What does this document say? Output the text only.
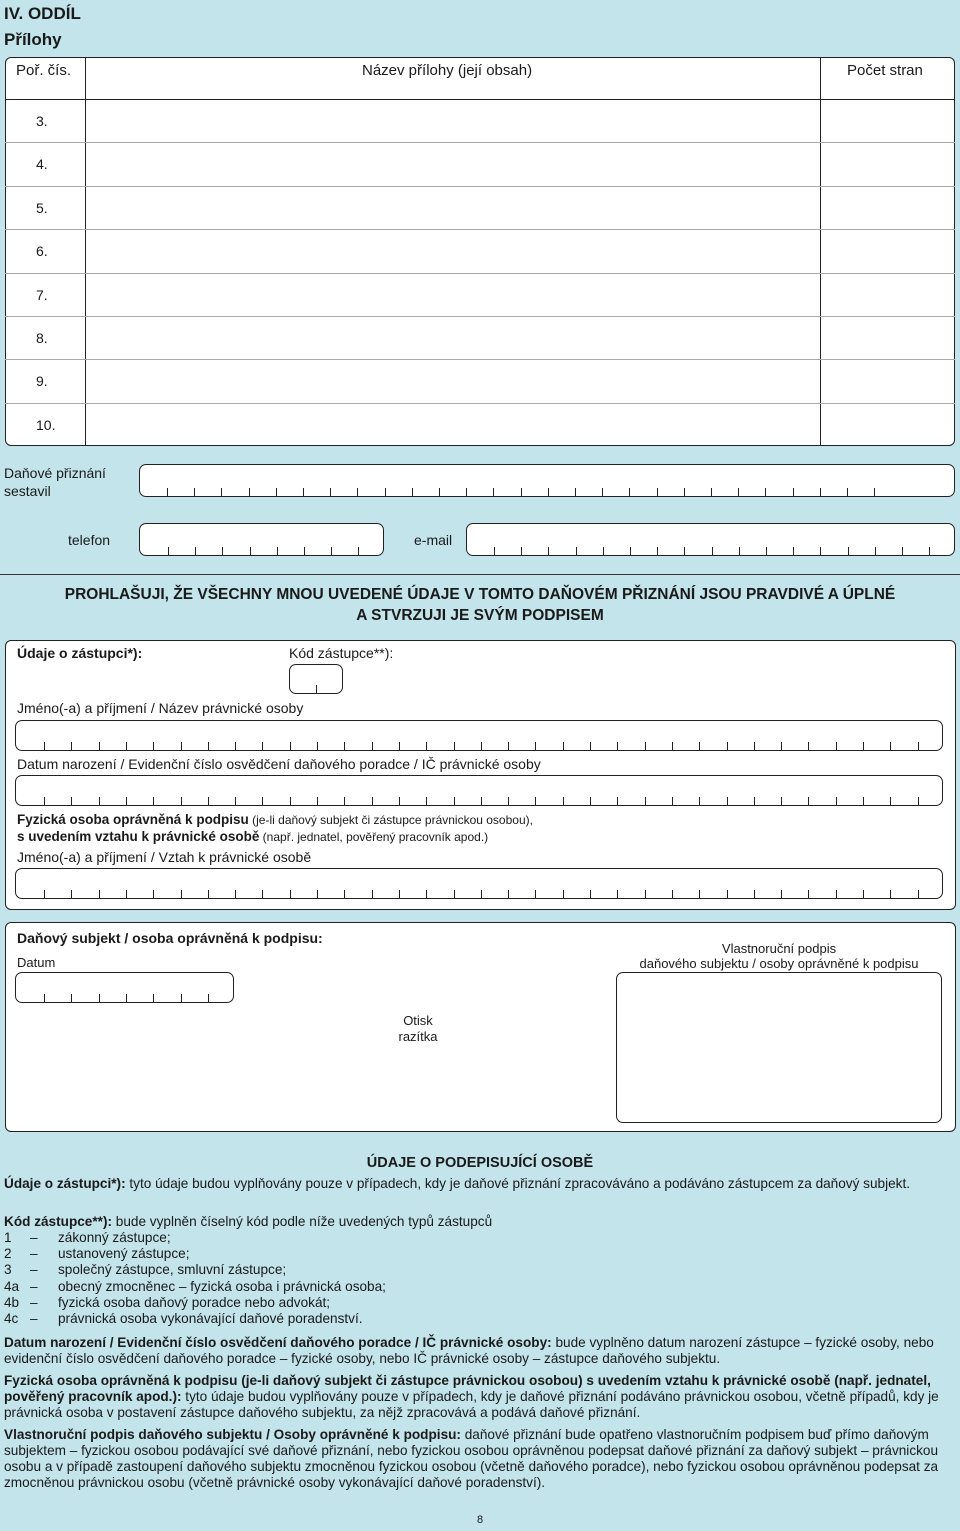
IV. ODDÍL
Přílohy
Poř. čís.	Název přílohy (její obsah)	Počet stran
3.
4.
5.
6.
7.
8.
9.
10.
Daňové přiznání
sestavil
telefon	e-mail
PROHLAŠUJI, ŽE VŠECHNY MNOU UVEDENÉ ÚDAJE V TOMTO DAŇOVÉM PŘIZNÁNÍ JSOU PRAVDIVÉ A ÚPLNÉ
A STVRZUJI JE SVÝM PODPISEM
Údaje o zástupci*):	Kód zástupce**):
Jméno(-a) a příjmení / Název právnické osoby
Datum narození / Evidenční číslo osvědčení daňového poradce / IČ právnické osoby
Fyzická osoba oprávněná k podpisu (je-li daňový subjekt či zástupce právnickou osobou),
s uvedením vztahu k právnické osobě (např. jednatel, pověřený pracovník apod.)
Jméno(-a) a příjmení / Vztah k právnické osobě
Daňový subjekt / osoba oprávněná k podpisu:
Datum
Otisk
razítka
Vlastnoruční podpis
daňového subjektu / osoby oprávněné k podpisu
ÚDAJE O PODEPISUJÍCÍ OSOBĚ
Údaje o zástupci*): tyto údaje budou vyplňovány pouze v případech, kdy je daňové přiznání zpracováváno a podáváno zástupcem za daňový subjekt.
Kód zástupce**): bude vyplněn číselný kód podle níže uvedených typů zástupců
1 – zákonný zástupce;
2 – ustanovený zástupce;
3 – společný zástupce, smluvní zástupce;
4a – obecný zmocněnec – fyzická osoba i právnická osoba;
4b – fyzická osoba daňový poradce nebo advokát;
4c – právnická osoba vykonávající daňové poradenství.
Datum narození / Evidenční číslo osvědčení daňového poradce / IČ právnické osoby: bude vyplněno datum narození zástupce – fyzické osoby, nebo evidenční číslo osvědčení daňového poradce – fyzické osoby, nebo IČ právnické osoby – zástupce daňového subjektu.
Fyzická osoba oprávněná k podpisu (je-li daňový subjekt či zástupce právnickou osobou) s uvedením vztahu k právnické osobě (např. jednatel, pověřený pracovník apod.): tyto údaje budou vyplňovány pouze v případech, kdy je daňové přiznání podáváno právnickou osobou, včetně případů, kdy je právnická osoba v postavení zástupce daňového subjektu, za nějž zpracovává a podává daňové přiznání.
Vlastnoruční podpis daňového subjektu / Osoby oprávněné k podpisu: daňové přiznání bude opatřeno vlastnoručním podpisem buď přímo daňovým subjektem – fyzickou osobou podávající své daňové přiznání, nebo fyzickou osobou oprávněnou podepsat daňové přiznání za daňový subjekt – právnickou osobu a v případě zastoupení daňového subjektu zmocněnou fyzickou osobou (včetně daňového poradce), nebo fyzickou osobou oprávněnou podepsat za zmocněnou právnickou osobu (včetně právnické osoby vykonávající daňové poradenství).
8
